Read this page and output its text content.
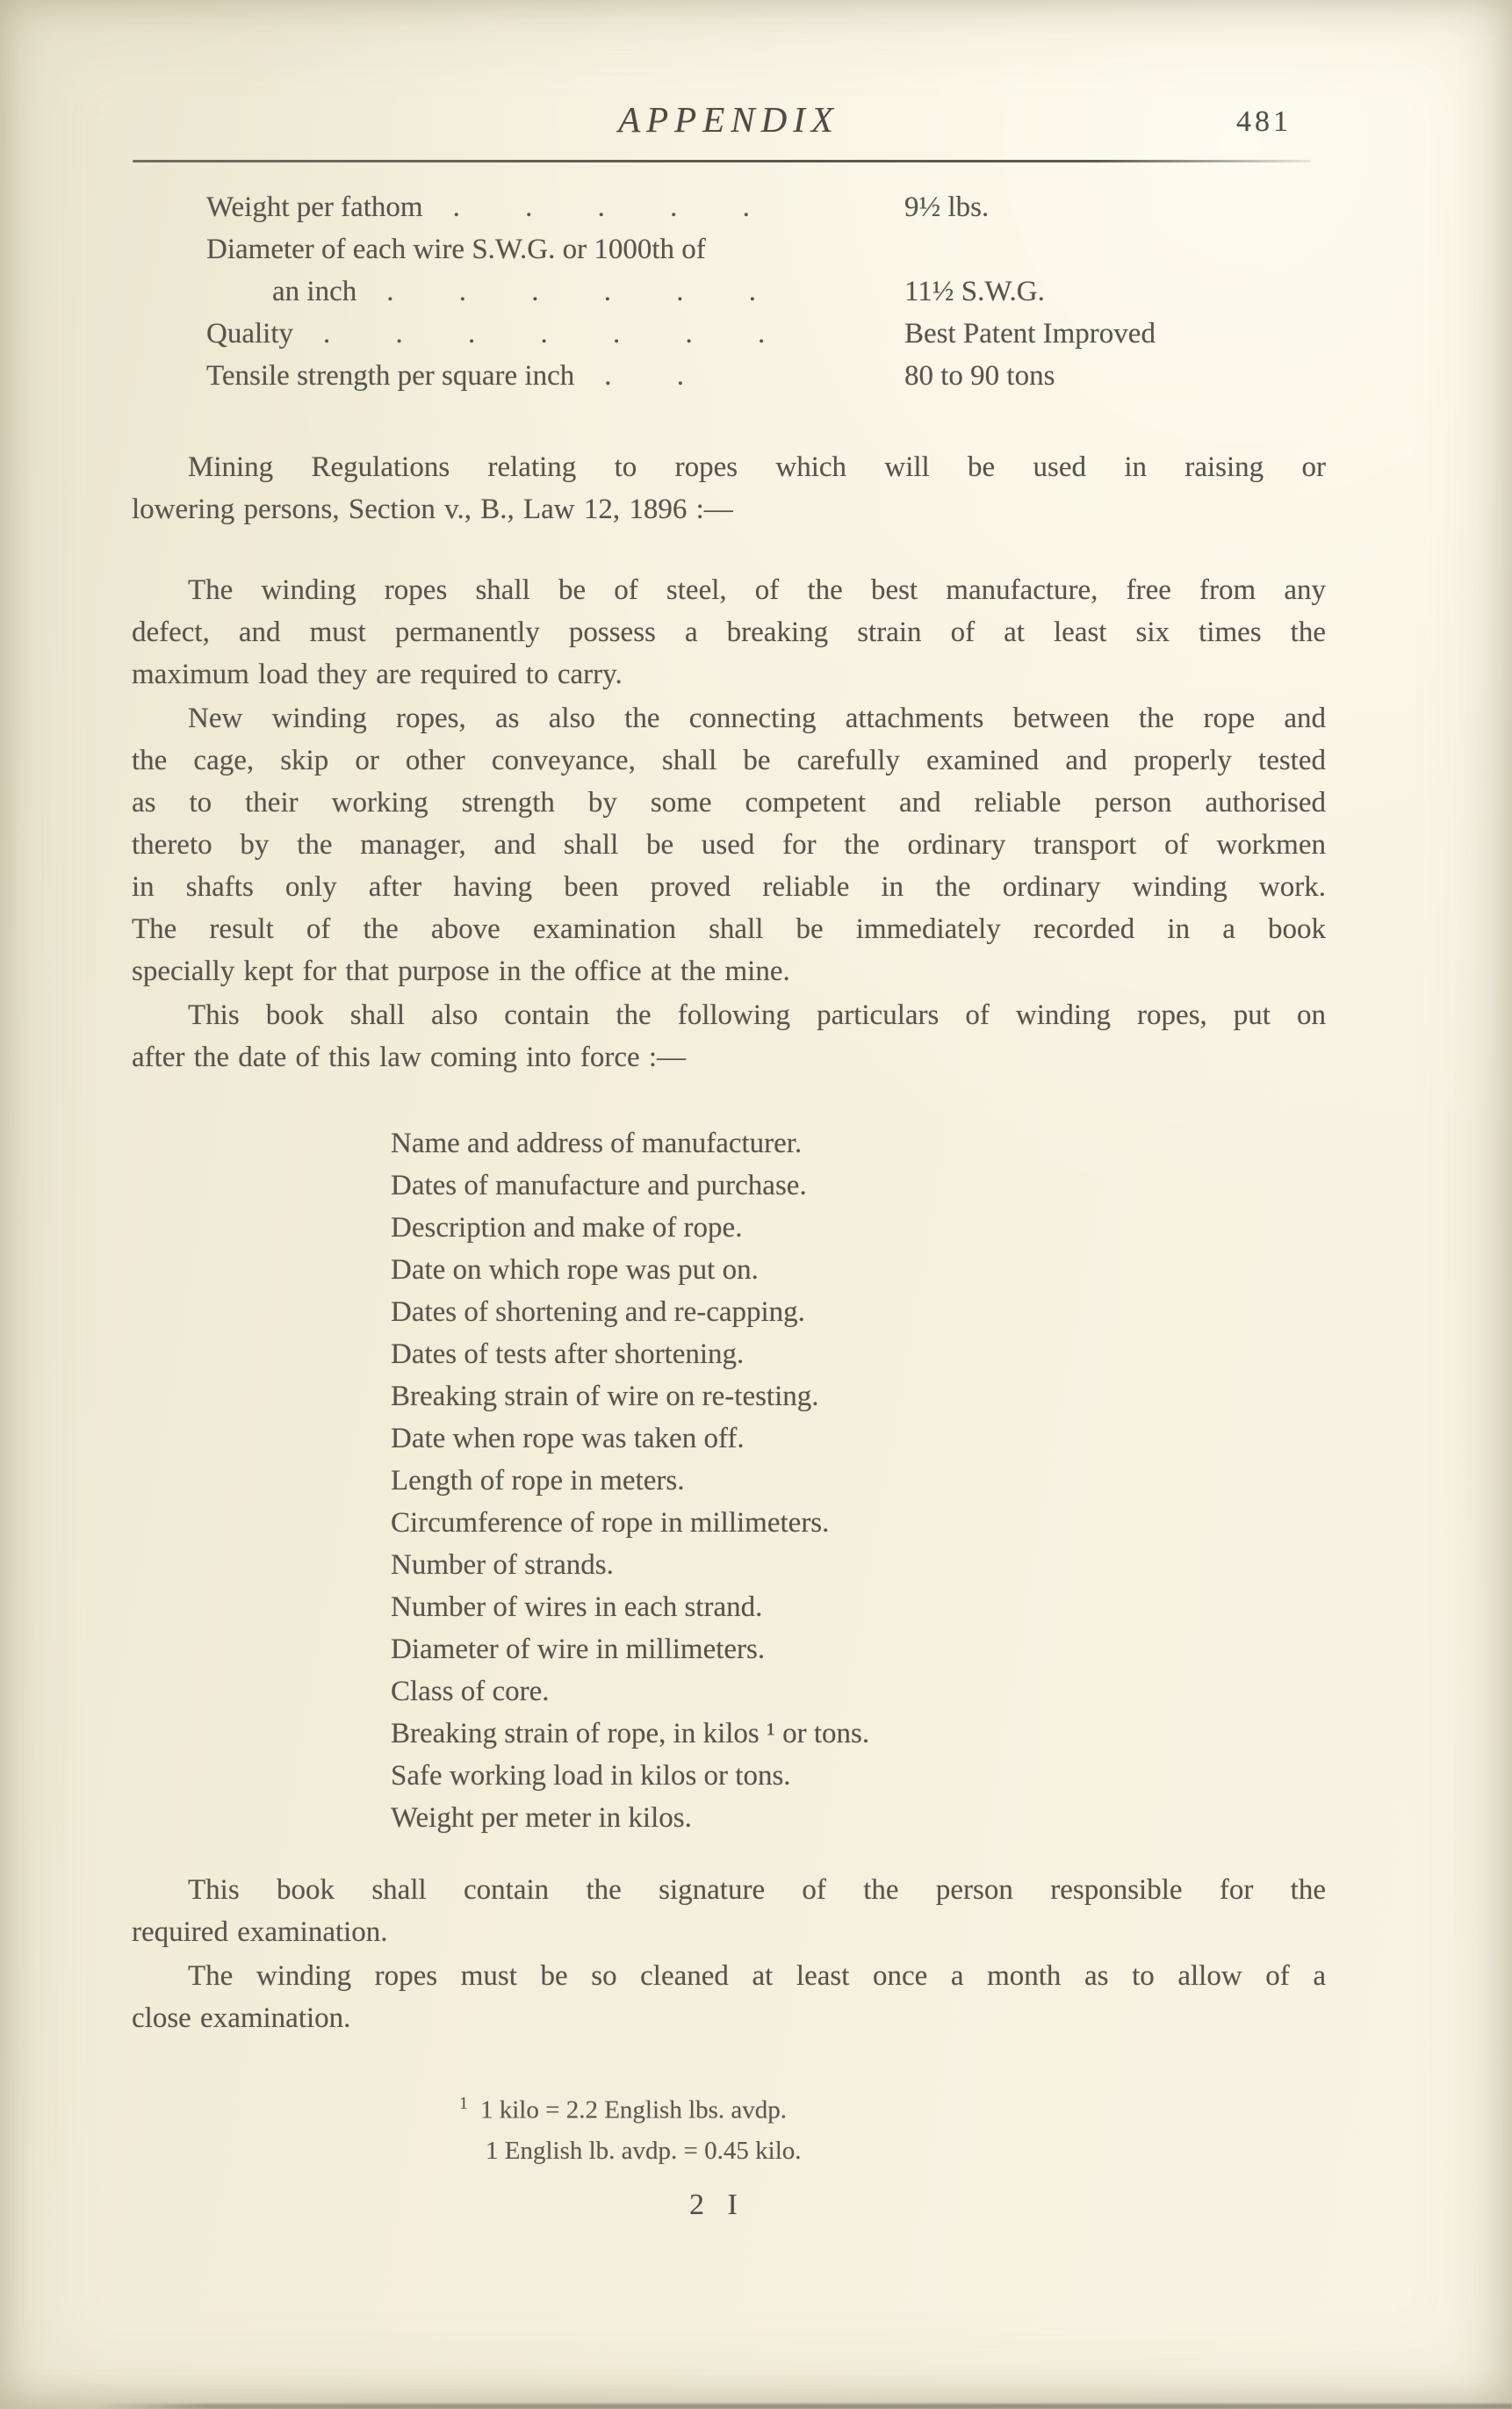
APPENDIX	481
Weight per fathom . . . . .	9½ lbs.
Diameter of each wire S.W.G. or 1000th of
an inch . . . . . .	11½ S.W.G.
Quality . . . . . . .	Best Patent Improved
Tensile strength per square inch . .	80 to 90 tons
Mining Regulations relating to ropes which will be used in raising or
lowering persons, Section v., B., Law 12, 1896 :—
The winding ropes shall be of steel, of the best manufacture, free from any
defect, and must permanently possess a breaking strain of at least six times the
maximum load they are required to carry.
New winding ropes, as also the connecting attachments between the rope and
the cage, skip or other conveyance, shall be carefully examined and properly tested
as to their working strength by some competent and reliable person authorised
thereto by the manager, and shall be used for the ordinary transport of workmen
in shafts only after having been proved reliable in the ordinary winding work.
The result of the above examination shall be immediately recorded in a book
specially kept for that purpose in the office at the mine.
This book shall also contain the following particulars of winding ropes, put on
after the date of this law coming into force :—
Name and address of manufacturer.
Dates of manufacture and purchase.
Description and make of rope.
Date on which rope was put on.
Dates of shortening and re-capping.
Dates of tests after shortening.
Breaking strain of wire on re-testing.
Date when rope was taken off.
Length of rope in meters.
Circumference of rope in millimeters.
Number of strands.
Number of wires in each strand.
Diameter of wire in millimeters.
Class of core.
Breaking strain of rope, in kilos ¹ or tons.
Safe working load in kilos or tons.
Weight per meter in kilos.
This book shall contain the signature of the person responsible for the
required examination.
The winding ropes must be so cleaned at least once a month as to allow of a
close examination.
$^1$ 1 kilo = 2.2 English lbs. avdp.
1 English lb. avdp. = 0.45 kilo.
2 I
